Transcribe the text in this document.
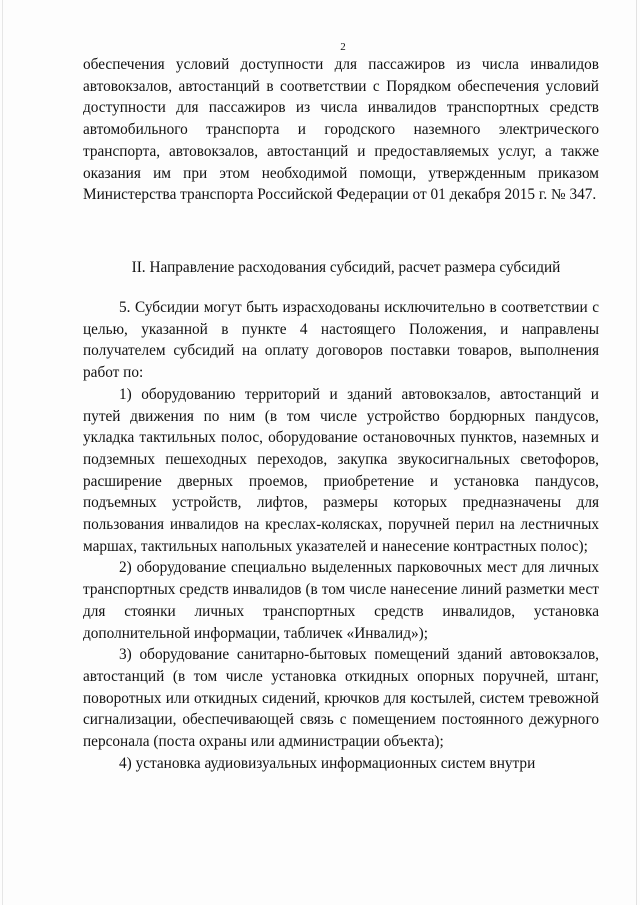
2

обеспечения условий доступности для пассажиров из числа инвалидов автовокзалов, автостанций в соответствии с Порядком обеспечения условий доступности для пассажиров из числа инвалидов транспортных средств автомобильного транспорта и городского наземного электрического транспорта, автовокзалов, автостанций и предоставляемых услуг, а также оказания им при этом необходимой помощи, утвержденным приказом Министерства транспорта Российской Федерации от 01 декабря 2015 г. № 347.

II. Направление расходования субсидий, расчет размера субсидий

5. Субсидии могут быть израсходованы исключительно в соответствии с целью, указанной в пункте 4 настоящего Положения, и направлены получателем субсидий на оплату договоров поставки товаров, выполнения работ по:

1) оборудованию территорий и зданий автовокзалов, автостанций и путей движения по ним (в том числе устройство бордюрных пандусов, укладка тактильных полос, оборудование остановочных пунктов, наземных и подземных пешеходных переходов, закупка звукосигнальных светофоров, расширение дверных проемов, приобретение и установка пандусов, подъемных устройств, лифтов, размеры которых предназначены для пользования инвалидов на креслах-колясках, поручней перил на лестничных маршах, тактильных напольных указателей и нанесение контрастных полос);

2) оборудование специально выделенных парковочных мест для личных транспортных средств инвалидов (в том числе нанесение линий разметки мест для стоянки личных транспортных средств инвалидов, установка дополнительной информации, табличек «Инвалид»);

3) оборудование санитарно-бытовых помещений зданий автовокзалов, автостанций (в том числе установка откидных опорных поручней, штанг, поворотных или откидных сидений, крючков для костылей, систем тревожной сигнализации, обеспечивающей связь с помещением постоянного дежурного персонала (поста охраны или администрации объекта);

4) установка аудиовизуальных информационных систем внутри
